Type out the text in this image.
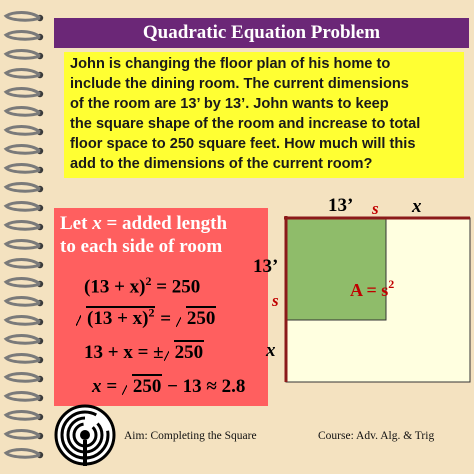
Quadratic Equation Problem
John is changing the floor plan of his home to
include the dining room. The current dimensions
of the room are 13’ by 13’. John wants to keep
the square shape of the room and increase to total
floor space to 250 square feet. How much will this
add to the dimensions of the current room?
Let x = added length
to each side of room
$(13 + x)^2 = 250$
$(13 + x)^2 = 250$
13 + x = ± 250
x = 250 − 13 ≈ 2.8
13’ s x
13’
s
x
$A = s^2$
Aim: Completing the Square	Course: Adv. Alg. & Trig
